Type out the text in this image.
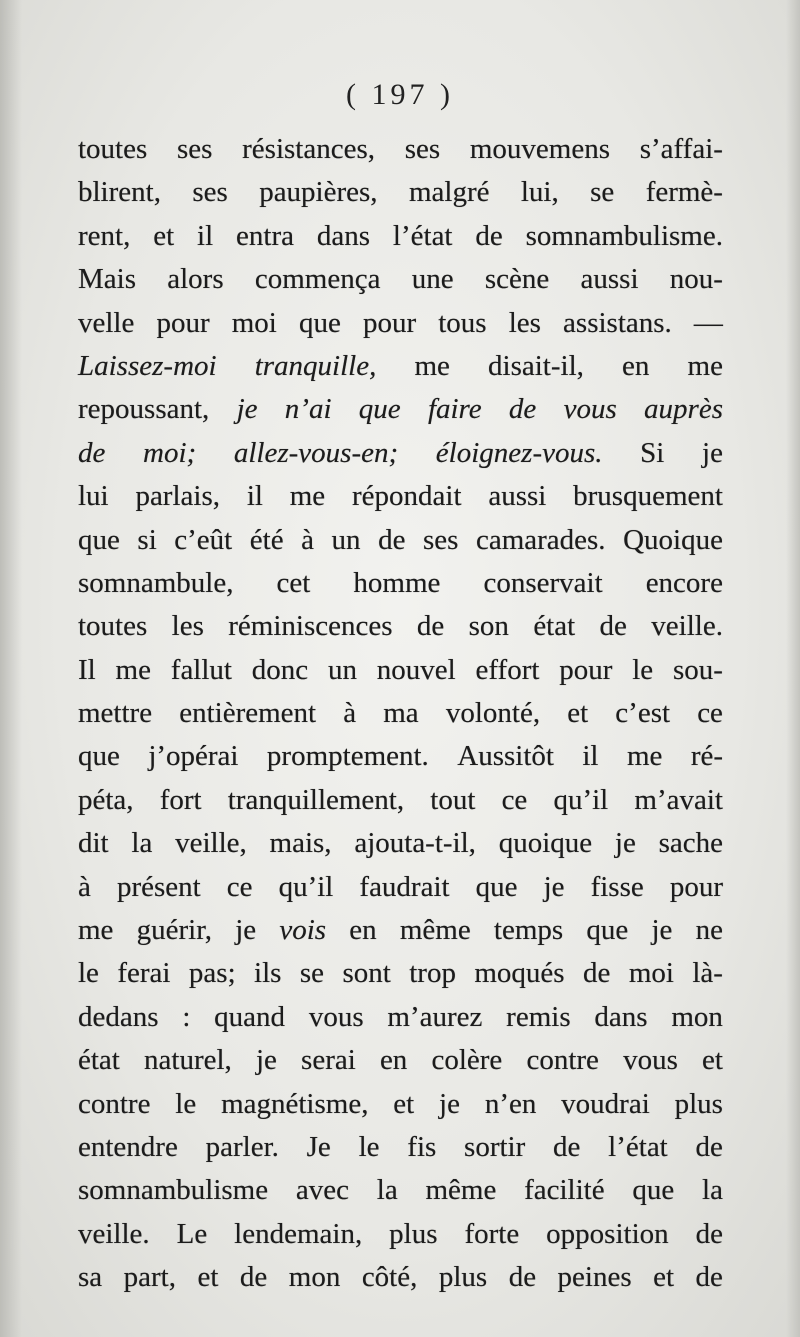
( 197 )
toutes ses résistances, ses mouvemens s’affai-
blirent, ses paupières, malgré lui, se fermè-
rent, et il entra dans l’état de somnambulisme.
Mais alors commença une scène aussi nou-
velle pour moi que pour tous les assistans. —
Laissez-moi tranquille, me disait-il, en me
repoussant, je n’ai que faire de vous auprès
de moi; allez-vous-en; éloignez-vous. Si je
lui parlais, il me répondait aussi brusquement
que si c’eût été à un de ses camarades. Quoique
somnambule, cet homme conservait encore
toutes les réminiscences de son état de veille.
Il me fallut donc un nouvel effort pour le sou-
mettre entièrement à ma volonté, et c’est ce
que j’opérai promptement. Aussitôt il me ré-
péta, fort tranquillement, tout ce qu’il m’avait
dit la veille, mais, ajouta-t-il, quoique je sache
à présent ce qu’il faudrait que je fisse pour
me guérir, je vois en même temps que je ne
le ferai pas; ils se sont trop moqués de moi là-
dedans : quand vous m’aurez remis dans mon
état naturel, je serai en colère contre vous et
contre le magnétisme, et je n’en voudrai plus
entendre parler. Je le fis sortir de l’état de
somnambulisme avec la même facilité que la
veille. Le lendemain, plus forte opposition de
sa part, et de mon côté, plus de peines et de
